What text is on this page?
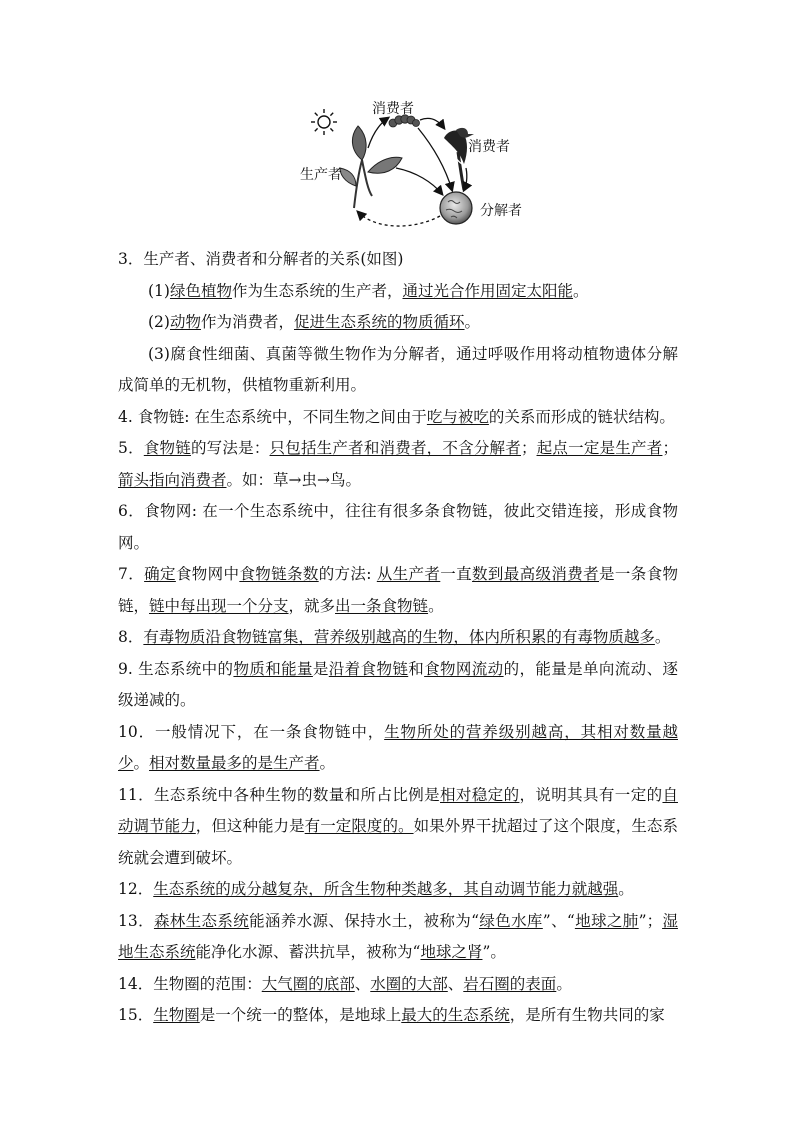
消费者
消费者
生产者
分解者

3．生产者、消费者和分解者的关系(如图)

(1)绿色植物作为生态系统的生产者，通过光合作用固定太阳能。

(2)动物作为消费者，促进生态系统的物质循环。

(3)腐食性细菌、真菌等微生物作为分解者，通过呼吸作用将动植物遗体分解成简单的无机物，供植物重新利用。

4. 食物链: 在生态系统中，不同生物之间由于吃与被吃的关系而形成的链状结构。

5．食物链的写法是：只包括生产者和消费者，不含分解者；起点一定是生产者；箭头指向消费者。如：草→虫→鸟。

6．食物网: 在一个生态系统中，往往有很多条食物链，彼此交错连接，形成食物网。

7．确定食物网中食物链条数的方法: 从生产者一直数到最高级消费者是一条食物链，链中每出现一个分支，就多出一条食物链。

8．有毒物质沿食物链富集，营养级别越高的生物，体内所积累的有毒物质越多。

9. 生态系统中的物质和能量是沿着食物链和食物网流动的，能量是单向流动、逐级递减的。

10．一般情况下，在一条食物链中，生物所处的营养级别越高，其相对数量越少。相对数量最多的是生产者。

11．生态系统中各种生物的数量和所占比例是相对稳定的，说明其具有一定的自动调节能力，但这种能力是有一定限度的。如果外界干扰超过了这个限度，生态系统就会遭到破坏。

12．生态系统的成分越复杂，所含生物种类越多，其自动调节能力就越强。

13．森林生态系统能涵养水源、保持水土，被称为“绿色水库”、“地球之肺”；湿地生态系统能净化水源、蓄洪抗旱，被称为“地球之肾”。

14．生物圈的范围：大气圈的底部、水圈的大部、岩石圈的表面。

15．生物圈是一个统一的整体，是地球上最大的生态系统，是所有生物共同的家
